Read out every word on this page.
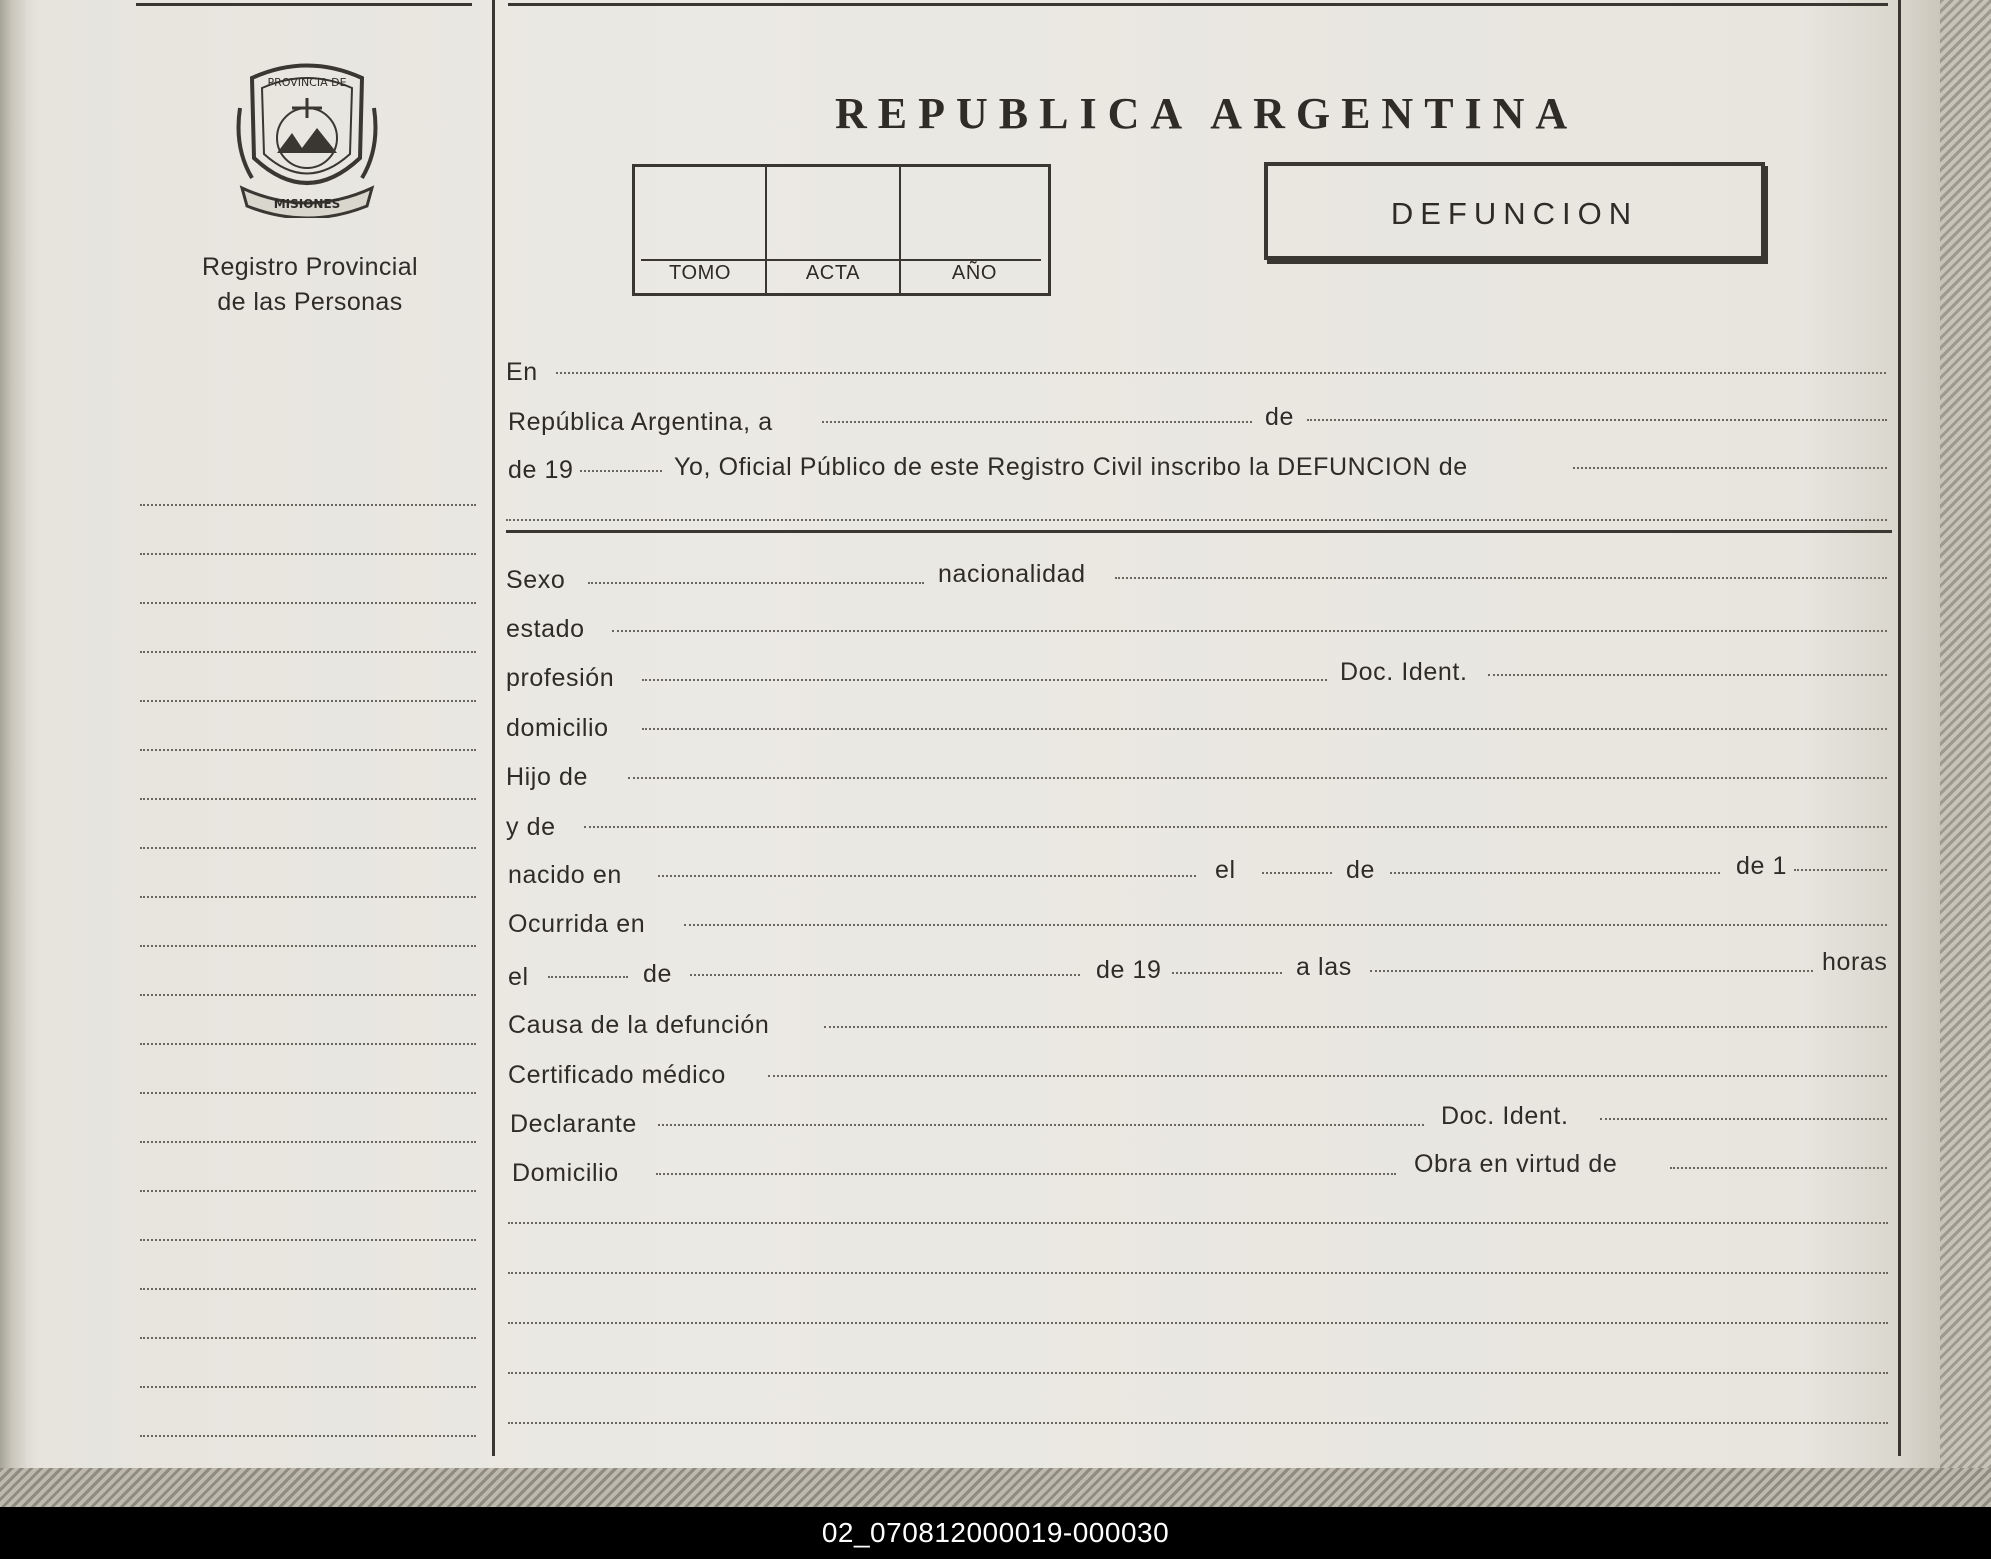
PROVINCIA DE
MISIONES
Registro Provincial
de las Personas
REPUBLICA ARGENTINA
TOMO	ACTA	AÑO
DEFUNCION
En
República Argentina, a	de
de 19	Yo, Oficial Público de este Registro Civil inscribo la DEFUNCION de
Sexo	nacionalidad
estado
profesión	Doc. Ident.
domicilio
Hijo de
y de
nacido en	el	de	de 1
Ocurrida en
el	de	de 19	a las	horas
Causa de la defunción
Certificado médico
Declarante	Doc. Ident.
Domicilio	Obra en virtud de
02_070812000019-000030
